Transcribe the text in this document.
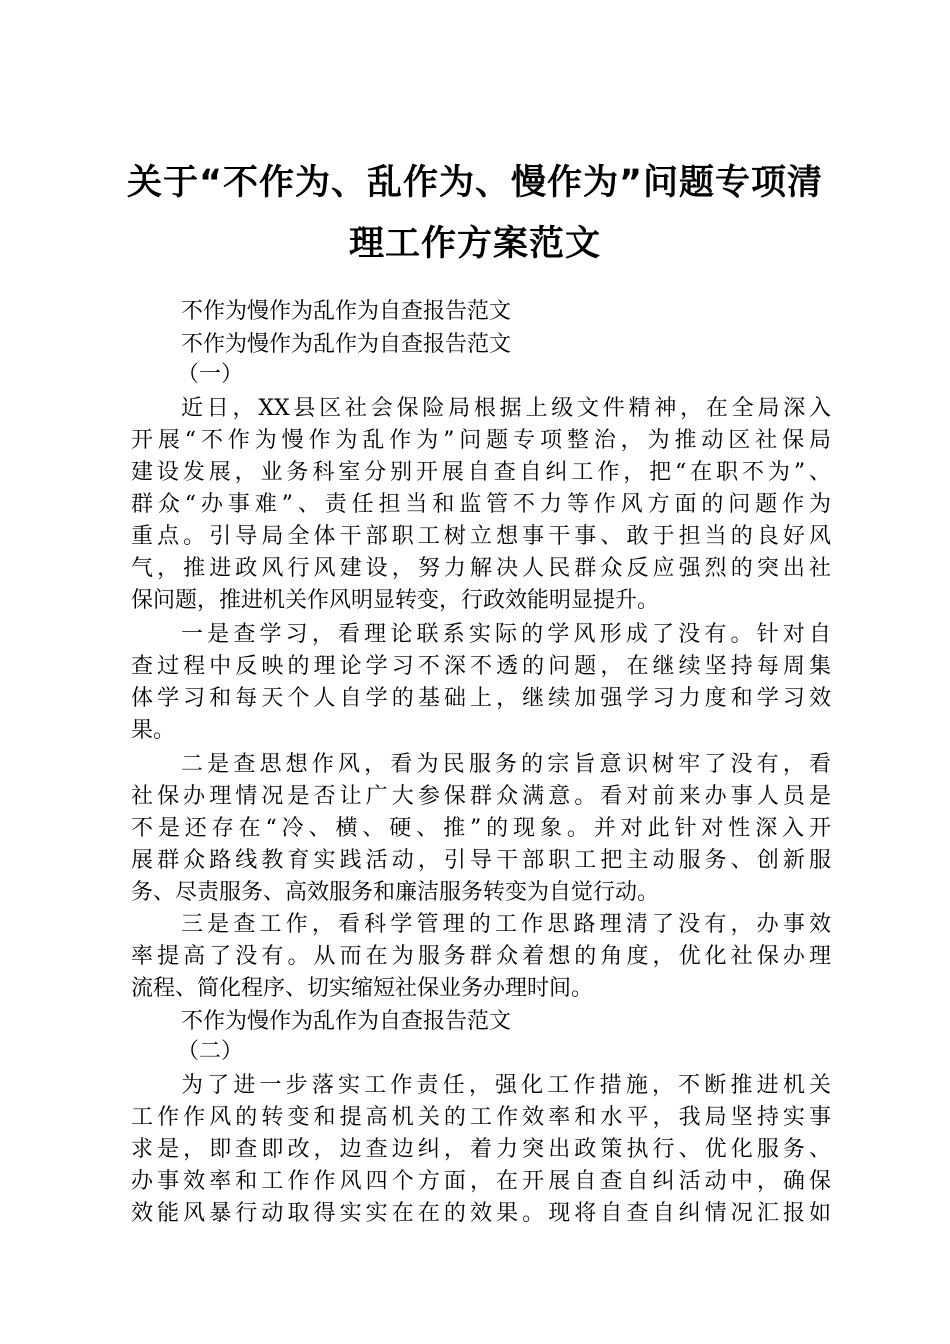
关于“不作为、乱作为、慢作为”问题专项清
理工作方案范文
不作为慢作为乱作为自查报告范文
不作为慢作为乱作为自查报告范文
（一）
近日，XX县区社会保险局根据上级文件精神，在全局深入
开展“不作为慢作为乱作为”问题专项整治，为推动区社保局
建设发展，业务科室分别开展自查自纠工作，把“在职不为”、
群众“办事难”、责任担当和监管不力等作风方面的问题作为
重点。引导局全体干部职工树立想事干事、敢于担当的良好风
气，推进政风行风建设，努力解决人民群众反应强烈的突出社
保问题，推进机关作风明显转变，行政效能明显提升。
一是查学习，看理论联系实际的学风形成了没有。针对自
查过程中反映的理论学习不深不透的问题，在继续坚持每周集
体学习和每天个人自学的基础上，继续加强学习力度和学习效
果。
二是查思想作风，看为民服务的宗旨意识树牢了没有，看
社保办理情况是否让广大参保群众满意。看对前来办事人员是
不是还存在“冷、横、硬、推”的现象。并对此针对性深入开
展群众路线教育实践活动，引导干部职工把主动服务、创新服
务、尽责服务、高效服务和廉洁服务转变为自觉行动。
三是查工作，看科学管理的工作思路理清了没有，办事效
率提高了没有。从而在为服务群众着想的角度，优化社保办理
流程、简化程序、切实缩短社保业务办理时间。
不作为慢作为乱作为自查报告范文
（二）
为了进一步落实工作责任，强化工作措施，不断推进机关
工作作风的转变和提高机关的工作效率和水平，我局坚持实事
求是，即查即改，边查边纠，着力突出政策执行、优化服务、
办事效率和工作作风四个方面，在开展自查自纠活动中，确保
效能风暴行动取得实实在在的效果。现将自查自纠情况汇报如
